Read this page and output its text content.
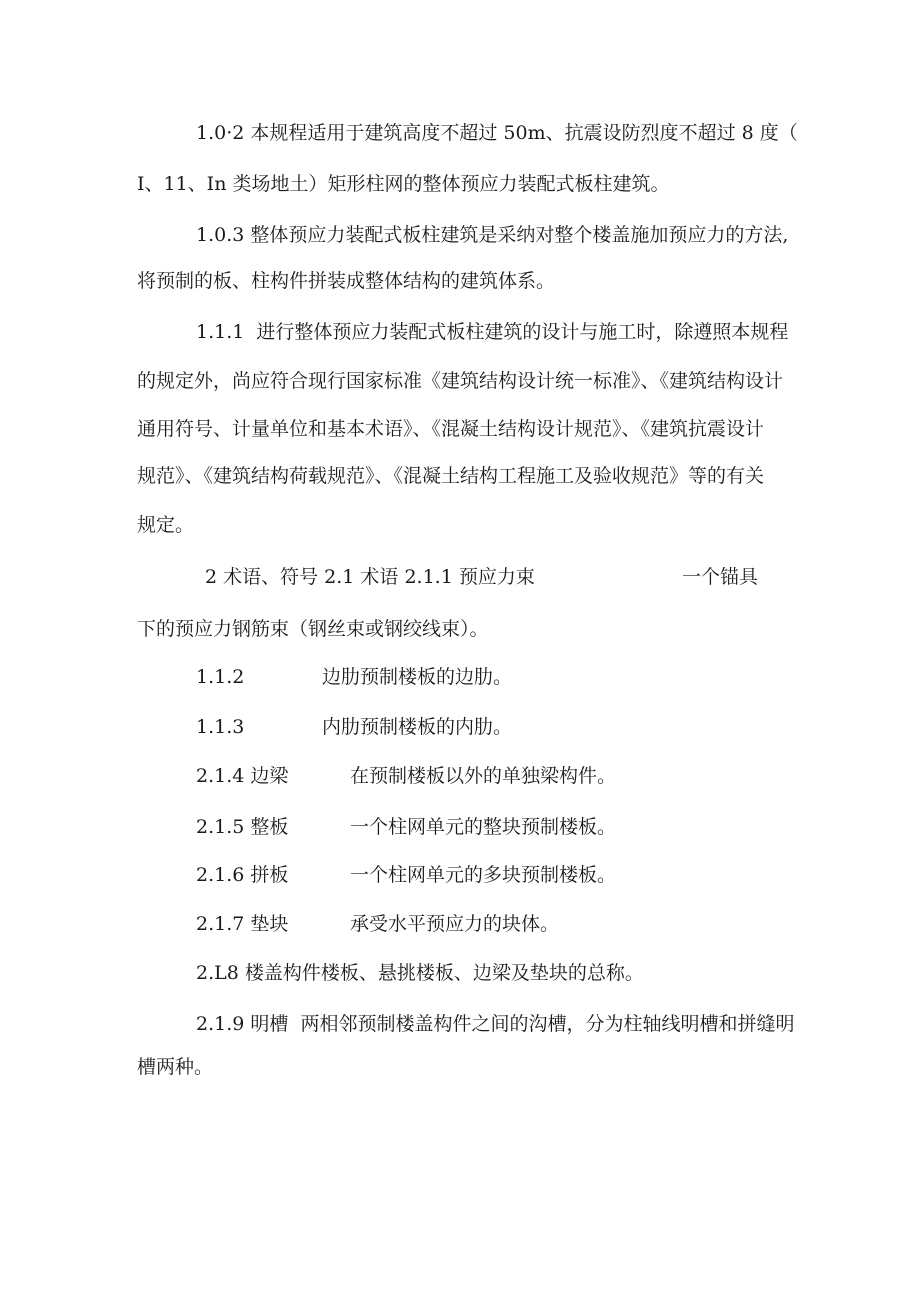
1.0·2 本规程适用于建筑高度不超过 50m、抗震设防烈度不超过 8 度（
I、11、In 类场地土）矩形柱网的整体预应力装配式板柱建筑。
1.0.3 整体预应力装配式板柱建筑是采纳对整个楼盖施加预应力的方法,
将预制的板、柱构件拼装成整体结构的建筑体系。
1.1.1  进行整体预应力装配式板柱建筑的设计与施工时，除遵照本规程
的规定外，尚应符合现行国家标准《建筑结构设计统一标准》、《建筑结构设计
通用符号、计量单位和基本术语》、《混凝土结构设计规范》、《建筑抗震设计
规范》、《建筑结构荷载规范》、《混凝土结构工程施工及验收规范》等的有关
规定。
2 术语、符号 2.1 术语 2.1.1 预应力束	一个锚具
下的预应力钢筋束（钢丝束或钢绞线束）。
1.1.2	边肋预制楼板的边肋。
1.1.3	内肋预制楼板的内肋。
2.1.4 边梁	在预制楼板以外的单独梁构件。
2.1.5 整板	一个柱网单元的整块预制楼板。
2.1.6 拼板	一个柱网单元的多块预制楼板。
2.1.7 垫块	承受水平预应力的块体。
2.L8 楼盖构件楼板、悬挑楼板、边梁及垫块的总称。
2.1.9 明槽  两相邻预制楼盖构件之间的沟槽，分为柱轴线明槽和拼缝明
槽两种。
